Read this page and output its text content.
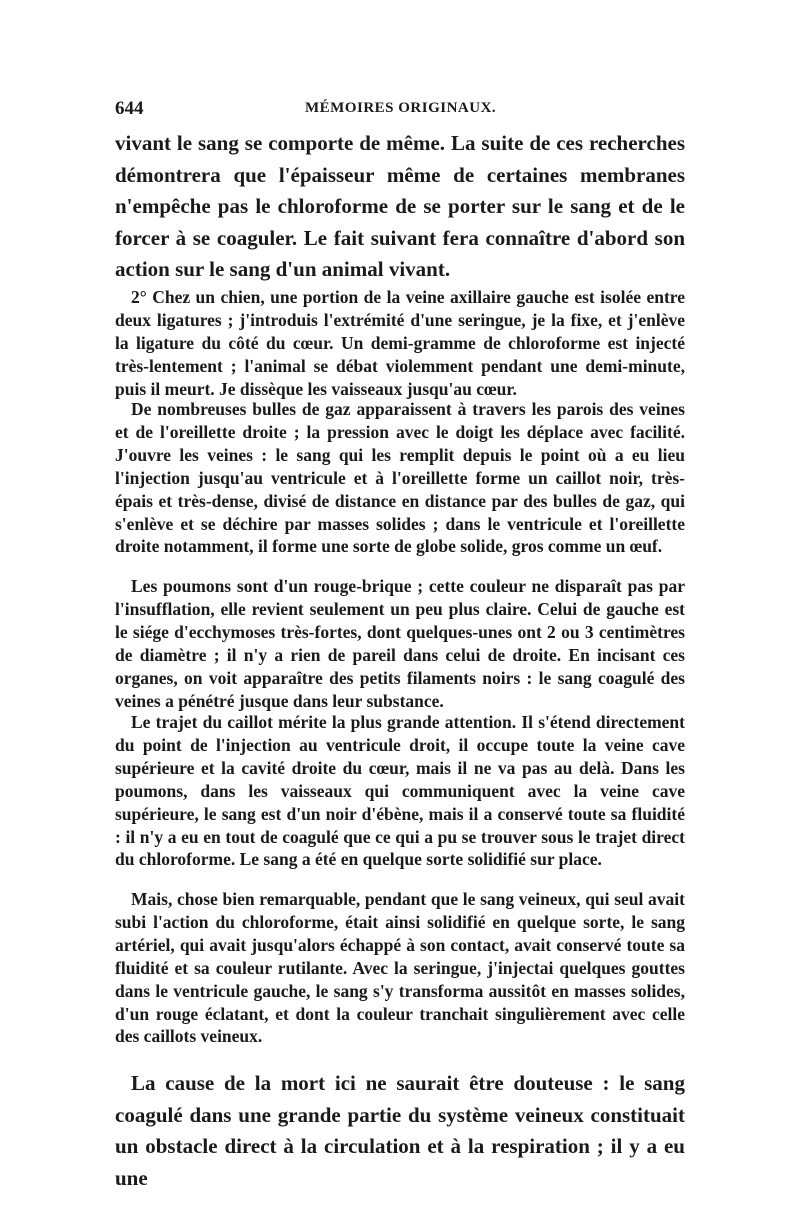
644	MÉMOIRES ORIGINAUX.

vivant le sang se comporte de même. La suite de ces recherches démontrera que l'épaisseur même de certaines membranes n'empêche pas le chloroforme de se porter sur le sang et de le forcer à se coaguler. Le fait suivant fera connaître d'abord son action sur le sang d'un animal vivant.

2° Chez un chien, une portion de la veine axillaire gauche est isolée entre deux ligatures ; j'introduis l'extrémité d'une seringue, je la fixe, et j'enlève la ligature du côté du cœur. Un demi-gramme de chloroforme est injecté très-lentement ; l'animal se débat violemment pendant une demi-minute, puis il meurt. Je dissèque les vaisseaux jusqu'au cœur.

De nombreuses bulles de gaz apparaissent à travers les parois des veines et de l'oreillette droite ; la pression avec le doigt les déplace avec facilité. J'ouvre les veines : le sang qui les remplit depuis le point où a eu lieu l'injection jusqu'au ventricule et à l'oreillette forme un caillot noir, très-épais et très-dense, divisé de distance en distance par des bulles de gaz, qui s'enlève et se déchire par masses solides ; dans le ventricule et l'oreillette droite notamment, il forme une sorte de globe solide, gros comme un œuf.

Les poumons sont d'un rouge-brique ; cette couleur ne disparaît pas par l'insufflation, elle revient seulement un peu plus claire. Celui de gauche est le siége d'ecchymoses très-fortes, dont quelques-unes ont 2 ou 3 centimètres de diamètre ; il n'y a rien de pareil dans celui de droite. En incisant ces organes, on voit apparaître des petits filaments noirs : le sang coagulé des veines a pénétré jusque dans leur substance.

Le trajet du caillot mérite la plus grande attention. Il s'étend directement du point de l'injection au ventricule droit, il occupe toute la veine cave supérieure et la cavité droite du cœur, mais il ne va pas au delà. Dans les poumons, dans les vaisseaux qui communiquent avec la veine cave supérieure, le sang est d'un noir d'ébène, mais il a conservé toute sa fluidité : il n'y a eu en tout de coagulé que ce qui a pu se trouver sous le trajet direct du chloroforme. Le sang a été en quelque sorte solidifié sur place.

Mais, chose bien remarquable, pendant que le sang veineux, qui seul avait subi l'action du chloroforme, était ainsi solidifié en quelque sorte, le sang artériel, qui avait jusqu'alors échappé à son contact, avait conservé toute sa fluidité et sa couleur rutilante. Avec la seringue, j'injectai quelques gouttes dans le ventricule gauche, le sang s'y transforma aussitôt en masses solides, d'un rouge éclatant, et dont la couleur tranchait singulièrement avec celle des caillots veineux.

La cause de la mort ici ne saurait être douteuse : le sang coagulé dans une grande partie du système veineux constituait un obstacle direct à la circulation et à la respiration ; il y a eu une
